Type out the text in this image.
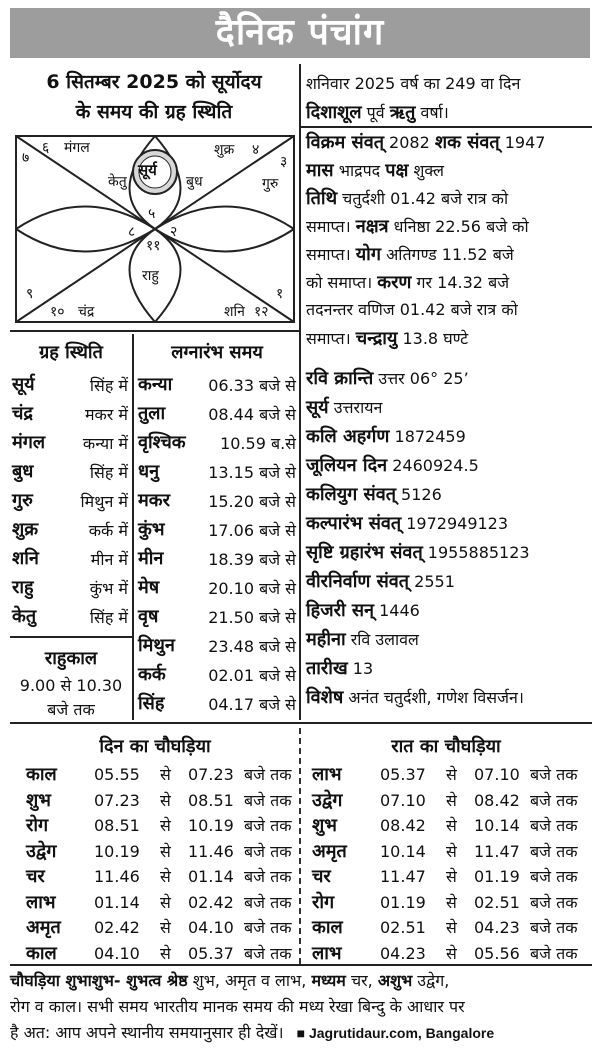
दैनिक पंचांग
6 सितम्बर 2025 को सूर्योदय
के समय की ग्रह स्थिति
सूर्य
७
६ मंगल	शुक्र ४
३
केतु	बुध	गुरु
५
८ २
११
राहु
९	१
१० चंद्र	शनि १२
ग्रह स्थिति
सूर्य	सिंह में
चंद्र	मकर में
मंगल	कन्या में
बुध	सिंह में
गुरु	मिथुन में
शुक्र	कर्क में
शनि	मीन में
राहु	कुंभ में
केतु	सिंह में
राहुकाल
9.00 से 10.30
बजे तक
लग्नारंभ समय
कन्या	06.33 बजे से
तुला	08.44 बजे से
वृश्चिक	10.59 ब.से
धनु	13.15 बजे से
मकर	15.20 बजे से
कुंभ	17.06 बजे से
मीन	18.39 बजे से
मेष	20.10 बजे से
वृष	21.50 बजे से
मिथुन	23.48 बजे से
कर्क	02.01 बजे से
सिंह	04.17 बजे से
शनिवार 2025 वर्ष का 249 वा दिन
दिशाशूल पूर्व ऋतु वर्षा।
विक्रम संवत् 2082 शक संवत् 1947
मास भाद्रपद पक्ष शुक्ल
तिथि चतुर्दशी 01.42 बजे रात्र को
समाप्त। नक्षत्र धनिष्ठा 22.56 बजे को
समाप्त। योग अतिगण्ड 11.52 बजे
को समाप्त। करण गर 14.32 बजे
तदनन्तर वणिज 01.42 बजे रात्र को
समाप्त। चन्द्रायु 13.8 घण्टे
रवि क्रान्ति उत्तर 06° 25’
सूर्य उत्तरायन
कलि अहर्गण 1872459
जूलियन दिन 2460924.5
कलियुग संवत् 5126
कल्पारंभ संवत् 1972949123
सृष्टि ग्रहारंभ संवत् 1955885123
वीरनिर्वाण संवत् 2551
हिजरी सन् 1446
महीना रवि उलावल
तारीख 13
विशेष अनंत चतुर्दशी, गणेश विसर्जन।
दिन का चौघड़िया	रात का चौघड़िया
काल 05.55 से 07.23 बजे तक
शुभ	07.23 से 08.51 बजे तक
रोग	08.51 से 10.19 बजे तक
उद्वेग 10.19 से 11.46 बजे तक
चर	11.46 से 01.14 बजे तक
लाभ 01.14 से 02.42 बजे तक
अमृत 02.42 से 04.10 बजे तक
काल 04.10 से 05.37 बजे तक
लाभ 05.37 से 07.10 बजे तक
उद्वेग 07.10 से 08.42 बजे तक
शुभ	08.42 से 10.14 बजे तक
अमृत 10.14 से 11.47 बजे तक
चर	11.47 से 01.19 बजे तक
रोग	01.19 से 02.51 बजे तक
काल 02.51 से 04.23 बजे तक
लाभ 04.23 से 05.56 बजे तक
चौघड़िया शुभाशुभ- शुभत्व श्रेष्ठ शुभ, अमृत व लाभ, मध्यम चर, अशुभ उद्वेग,
रोग व काल। सभी समय भारतीय मानक समय की मध्य रेखा बिन्दु के आधार पर
है अत: आप अपने स्थानीय समयानुसार ही देखें। ■ Jagrutidaur.com, Bangalore
